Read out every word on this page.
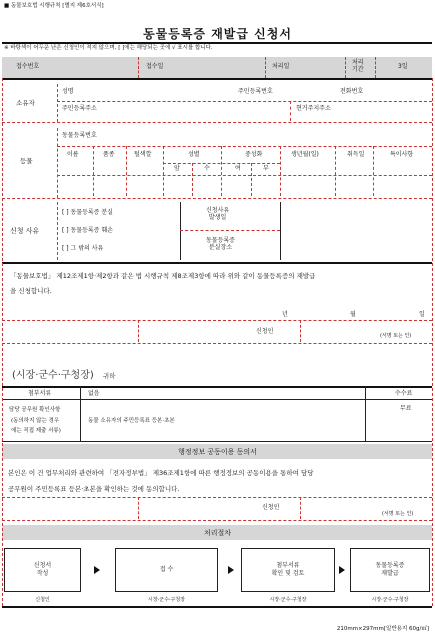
■ 동물보호법 시행규칙 [별지 제6호서식]
동물등록증 재발급 신청서
※ 바탕색이 어두운 난은 신청인이 적지 않으며, [ ]에는 해당되는 곳에 √ 표시를 합니다.
접수번호	접수일	처리일
처리
기간	3일
소유자
성명	주민등록번호	전화번호
주민등록주소	현거주지주소
등물
동물등록번호
이름	품종	털색깔	성별	중성화	생년월(일)	취득일	특이사항
암	수	여	부
신청 사유
[ ] 동물등록증 분실
[ ] 동물등록증 훼손
[ ] 그 밖의 사유
신청사유
발생일
동물등록증
분실장소
「동물보호법」 제12조제1항·제2항과 같은 법 시행규칙 제8조제3항에 따라 위와 같이 동물등록증의 재발급
을 신청합니다.
년	월	일
신청인
(서명 또는 인)
(시장·군수·구청장) 귀하
첨부서류	없음	수수료
담당 공무원 확인사항
(동의하지 않는 경우
에는 직접 제출 서류)
동물 소유자의 주민등록표 등본·초본
무료
행정정보 공동이용 동의서
본인은 이 건 업무처리와 관련하여 「전자정부법」 제36조제1항에 따른 행정정보의 공동이용을 통하여 담당
공무원이 주민등록표 등본·초본을 확인하는 것에 동의합니다.
신청인
(서명 또는 인)
처리절차
신청서
작성
접 수
첨부서류
확인 및 검토
동물등록증
재발급
신청인	시장·군수·구청장	시장·군수·구청장	시장·군수·구청장
210mm×297mm[일반용지 60g/㎡]
